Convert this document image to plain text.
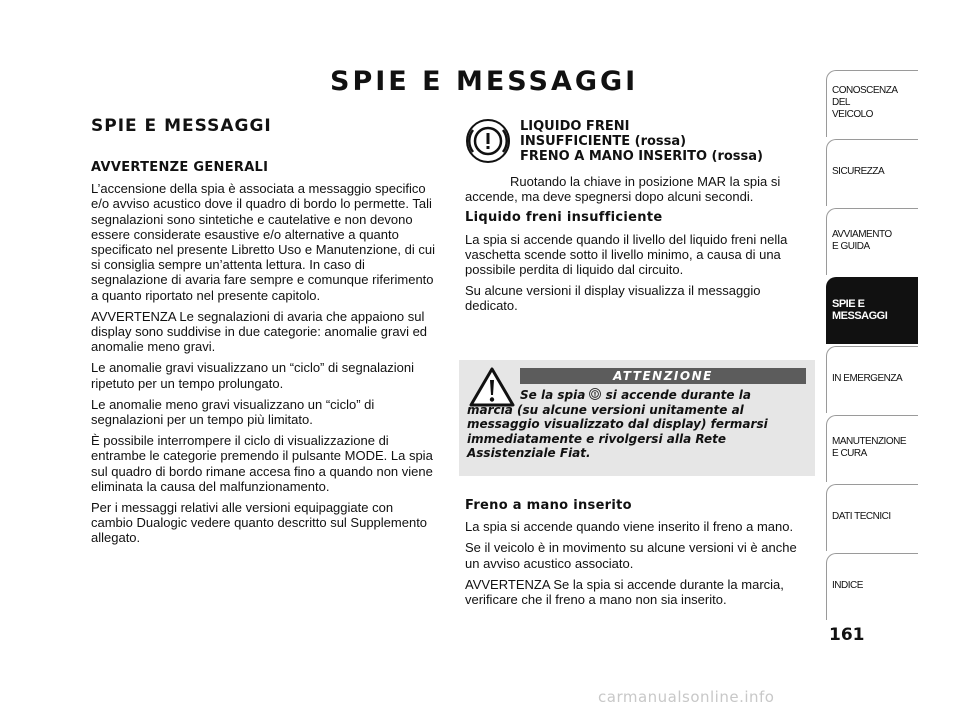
SPIE E MESSAGGI
SPIE E MESSAGGI
AVVERTENZE GENERALI

L’accensione della spia è associata a messaggio specifico e/o avviso acustico dove il quadro di bordo lo permette. Tali segnalazioni sono sintetiche e cautelative e non devono essere considerate esaustive e/o alternative a quanto specificato nel presente Libretto Uso e Manutenzione, di cui si consiglia sempre un’attenta lettura. In caso di segnalazione di avaria fare sempre e comunque riferimento a quanto riportato nel presente capitolo.

AVVERTENZA Le segnalazioni di avaria che appaiono sul display sono suddivise in due categorie: anomalie gravi ed anomalie meno gravi.

Le anomalie gravi visualizzano un “ciclo” di segnalazioni ripetuto per un tempo prolungato.

Le anomalie meno gravi visualizzano un “ciclo” di segnalazioni per un tempo più limitato.

È possibile interrompere il ciclo di visualizzazione di entrambe le categorie premendo il pulsante MODE. La spia sul quadro di bordo rimane accesa fino a quando non viene eliminata la causa del malfunzionamento.

Per i messaggi relativi alle versioni equipaggiate con cambio Dualogic vedere quanto descritto sul Supplemento allegato.

LIQUIDO FRENI
INSUFFICIENTE (rossa)
FRENO A MANO INSERITO (rossa)

Ruotando la chiave in posizione MAR la spia si accende, ma deve spegnersi dopo alcuni secondi.

Liquido freni insufficiente

La spia si accende quando il livello del liquido freni nella vaschetta scende sotto il livello minimo, a causa di una possibile perdita di liquido dal circuito.

Su alcune versioni il display visualizza il messaggio dedicato.

ATTENZIONE
Se la spia  si accende durante la
marcia (su alcune versioni unitamente al messaggio visualizzato dal display) fermarsi immediatamente e rivolgersi alla Rete Assistenziale Fiat.
Freno a mano inserito

La spia si accende quando viene inserito il freno a mano.

Se il veicolo è in movimento su alcune versioni vi è anche un avviso acustico associato.

AVVERTENZA Se la spia si accende durante la marcia, verificare che il freno a mano non sia inserito.

CONOSCENZA
DEL
VEICOLO
SICUREZZA
AVVIAMENTO
E GUIDA
SPIE E
MESSAGGI
IN EMERGENZA
MANUTENZIONE
E CURA
DATI TECNICI
INDICE

161

carmanualsonline.info
